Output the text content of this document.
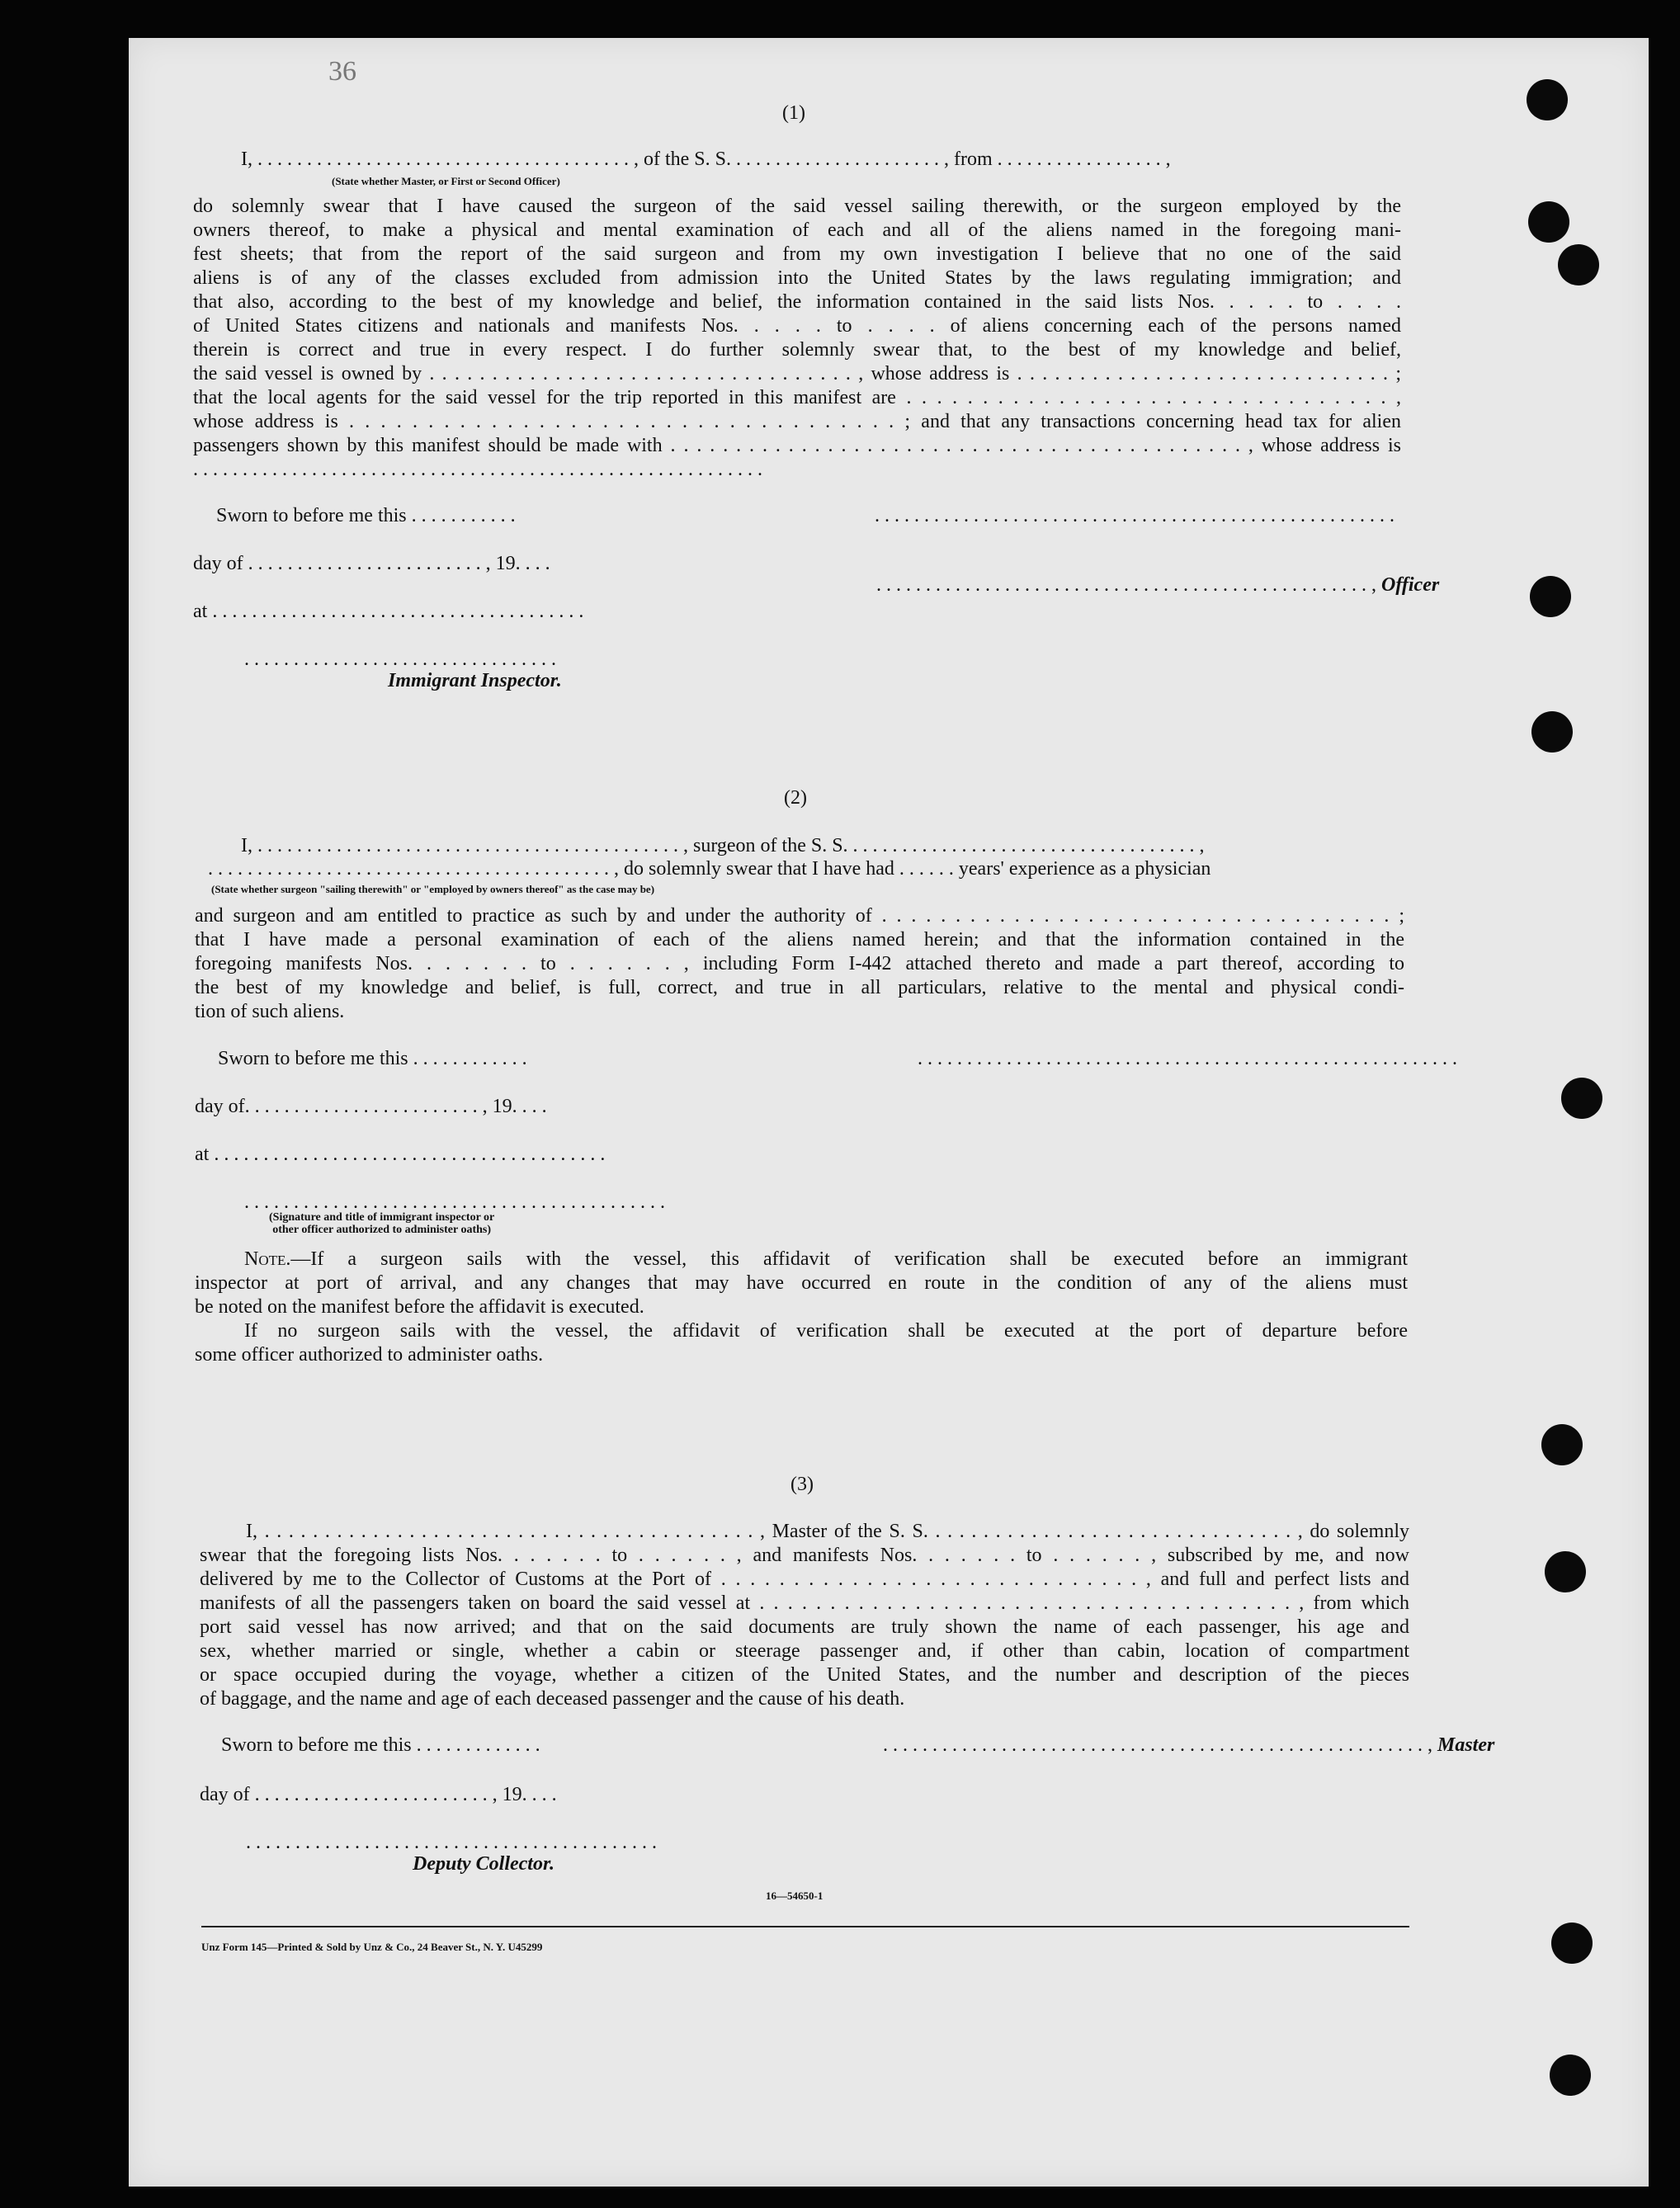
36
(1)
I, . . . . . . . . . . . . . . . . . . . . . . . . . . . . . . . . . . . . . . , of the S. S. . . . . . . . . . . . . . . . . . . . . . , from . . . . . . . . . . . . . . . . . ,
(State whether Master, or First or Second Officer)
do solemnly swear that I have caused the surgeon of the said vessel sailing therewith, or the surgeon employed by the
owners thereof, to make a physical and mental examination of each and all of the aliens named in the foregoing mani-
fest sheets; that from the report of the said surgeon and from my own investigation I believe that no one of the said
aliens is of any of the classes excluded from admission into the United States by the laws regulating immigration; and
that also, according to the best of my knowledge and belief, the information contained in the said lists Nos. . . . . to . . . .
of United States citizens and nationals and manifests Nos. . . . . to . . . . of aliens concerning each of the persons named
therein is correct and true in every respect. I do further solemnly swear that, to the best of my knowledge and belief,
the said vessel is owned by . . . . . . . . . . . . . . . . . . . . . . . . . . . . . . . . . . , whose address is . . . . . . . . . . . . . . . . . . . . . . . . . . . . . . ;
that the local agents for the said vessel for the trip reported in this manifest are . . . . . . . . . . . . . . . . . . . . . . . . . . . . . . . . ,
whose address is . . . . . . . . . . . . . . . . . . . . . . . . . . . . . . . . . . . ; and that any transactions concerning head tax for alien
passengers shown by this manifest should be made with . . . . . . . . . . . . . . . . . . . . . . . . . . . . . . . . . . . . . . . . . . . . , whose address is
. . . . . . . . . . . . . . . . . . . . . . . . . . . . . . . . . . . . . . . . . . . . . . . . . . . . . . . . . .
Sworn to before me this . . . . . . . . . . .	. . . . . . . . . . . . . . . . . . . . . . . . . . . . . . . . . . . . . . . . . . . . . . . . . . . . .
day of . . . . . . . . . . . . . . . . . . . . . . . . , 19. . . .
. . . . . . . . . . . . . . . . . . . . . . . . . . . . . . . . . . . . . . . . . . . . . . . . . . , Officer
at . . . . . . . . . . . . . . . . . . . . . . . . . . . . . . . . . . . . . .
. . . . . . . . . . . . . . . . . . . . . . . . . . . . . . . .
Immigrant Inspector.
(2)
I, . . . . . . . . . . . . . . . . . . . . . . . . . . . . . . . . . . . . . . . . . . . , surgeon of the S. S. . . . . . . . . . . . . . . . . . . . . . . . . . . . . . . . . . . . ,
. . . . . . . . . . . . . . . . . . . . . . . . . . . . . . . . . . . . . . . . . , do solemnly swear that I have had . . . . . . years' experience as a physician
(State whether surgeon "sailing therewith" or "employed by owners thereof" as the case may be)
and surgeon and am entitled to practice as such by and under the authority of . . . . . . . . . . . . . . . . . . . . . . . . . . . . . . . . . . . ;
that I have made a personal examination of each of the aliens named herein; and that the information contained in the
foregoing manifests Nos. . . . . . . to . . . . . . , including Form I-442 attached thereto and made a part thereof, according to
the best of my knowledge and belief, is full, correct, and true in all particulars, relative to the mental and physical condi-
tion of such aliens.
Sworn to before me this . . . . . . . . . . . .	. . . . . . . . . . . . . . . . . . . . . . . . . . . . . . . . . . . . . . . . . . . . . . . . . . . . . . .
day of. . . . . . . . . . . . . . . . . . . . . . . . , 19. . . .
at . . . . . . . . . . . . . . . . . . . . . . . . . . . . . . . . . . . . . . . .
. . . . . . . . . . . . . . . . . . . . . . . . . . . . . . . . . . . . . . . . . . .
(Signature and title of immigrant inspector or
other officer authorized to administer oaths)
Note.—If a surgeon sails with the vessel, this affidavit of verification shall be executed before an immigrant
inspector at port of arrival, and any changes that may have occurred en route in the condition of any of the aliens must
be noted on the manifest before the affidavit is executed.
If no surgeon sails with the vessel, the affidavit of verification shall be executed at the port of departure before
some officer authorized to administer oaths.
(3)
I, . . . . . . . . . . . . . . . . . . . . . . . . . . . . . . . . . . . . . . . . . , Master of the S. S. . . . . . . . . . . . . . . . . . . . . . . . . . . . . . . , do solemnly
swear that the foregoing lists Nos. . . . . . . to . . . . . . , and manifests Nos. . . . . . . to . . . . . . , subscribed by me, and now
delivered by me to the Collector of Customs at the Port of . . . . . . . . . . . . . . . . . . . . . . . . . . . . . , and full and perfect lists and
manifests of all the passengers taken on board the said vessel at . . . . . . . . . . . . . . . . . . . . . . . . . . . . . . . . . . . . . . , from which
port said vessel has now arrived; and that on the said documents are truly shown the name of each passenger, his age and
sex, whether married or single, whether a cabin or steerage passenger and, if other than cabin, location of compartment
or space occupied during the voyage, whether a citizen of the United States, and the number and description of the pieces
of baggage, and the name and age of each deceased passenger and the cause of his death.
Sworn to before me this . . . . . . . . . . . . .	. . . . . . . . . . . . . . . . . . . . . . . . . . . . . . . . . . . . . . . . . . . . . . . . . . . . . . . , Master
day of . . . . . . . . . . . . . . . . . . . . . . . . , 19. . . .
. . . . . . . . . . . . . . . . . . . . . . . . . . . . . . . . . . . . . . . . . .
Deputy Collector.
16—54650-1
Unz Form 145—Printed & Sold by Unz & Co., 24 Beaver St., N. Y. U45299
